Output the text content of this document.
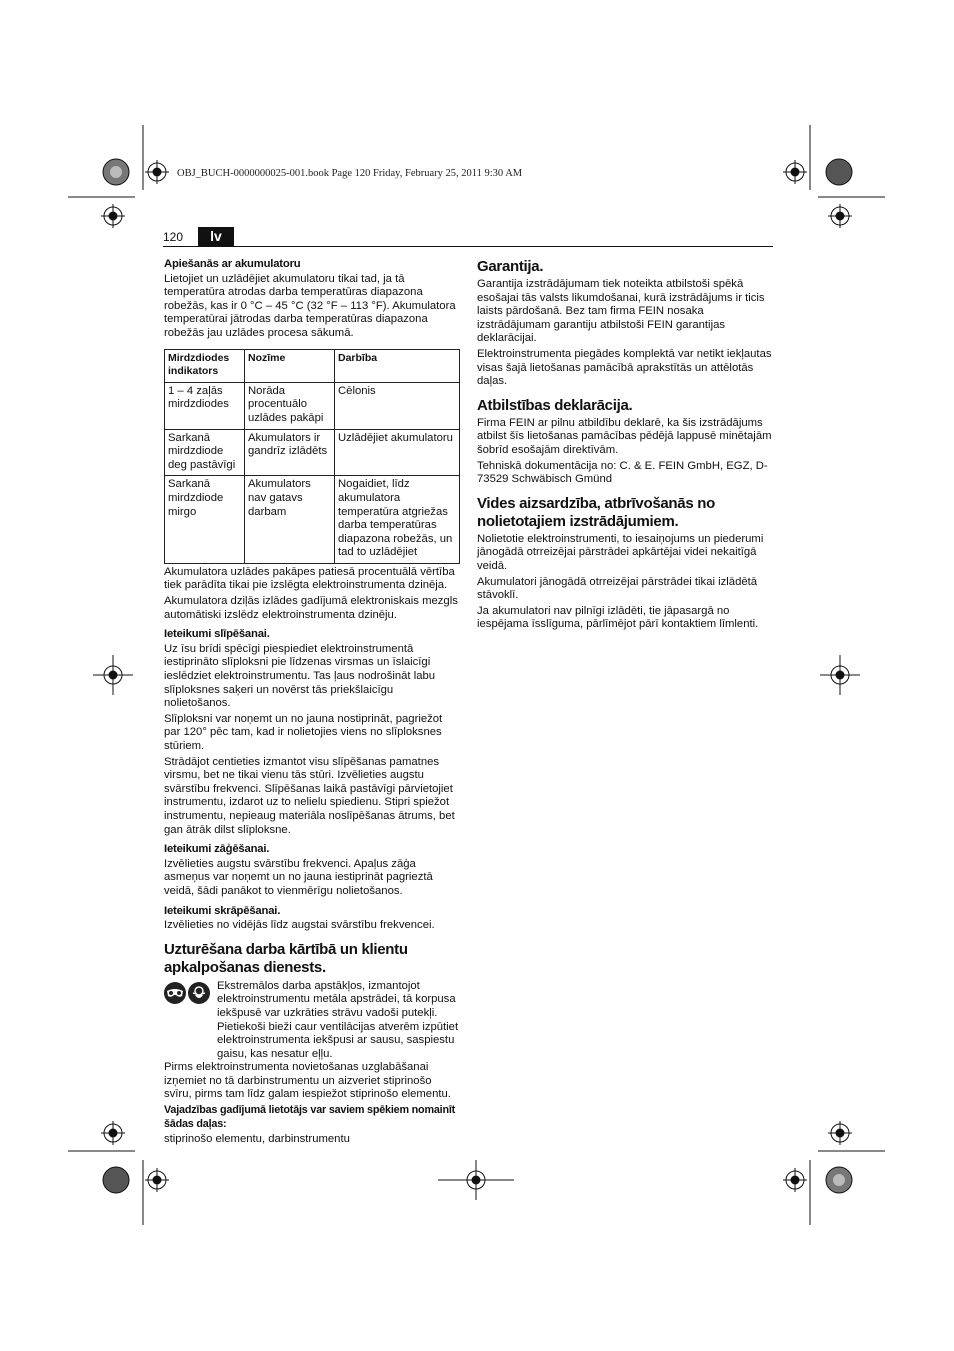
OBJ_BUCH-0000000025-001.book Page 120 Friday, February 25, 2011 9:30 AM
120	lv
Apiešanās ar akumulatoru

Lietojiet un uzlādējiet akumulatoru tikai tad, ja tā temperatūra atrodas darba temperatūras diapazona robežās, kas ir 0 °C – 45 °C (32 °F – 113 °F). Akumulatora temperatūrai jātrodas darba temperatūras diapazona robežās jau uzlādes procesa sākumā.

Mirdzdiodes indikators	Nozīme	Darbība
1 – 4 zaļās mirdzdiodes	Norāda procentuālo uzlādes pakāpi	Cēlonis
Sarkanā mirdzdiode deg pastāvīgi	Akumulators ir gandrīz izlādēts	Uzlādējiet akumulatoru
Sarkanā mirdzdiode mirgo	Akumulators nav gatavs darbam	Nogaidiet, līdz akumulatora temperatūra atgriežas darba temperatūras diapazona robežās, un tad to uzlādējiet

Akumulatora uzlādes pakāpes patiesā procentuālā vērtība tiek parādīta tikai pie izslēgta elektroinstrumenta dzinēja.

Akumulatora dziļās izlādes gadījumā elektroniskais mezgls automātiski izslēdz elektroinstrumenta dzinēju.

Ieteikumi slīpēšanai.

Uz īsu brīdi spēcīgi piespiediet elektroinstrumentā iestiprināto slīploksni pie līdzenas virsmas un īslaicīgi ieslēdziet elektroinstrumentu. Tas ļaus nodrošināt labu slīploksnes saķeri un novērst tās priekšlaicīgu nolietošanos.

Slīploksni var noņemt un no jauna nostiprināt, pagriežot par 120° pēc tam, kad ir nolietojies viens no slīploksnes stūriem.

Strādājot centieties izmantot visu slīpēšanas pamatnes virsmu, bet ne tikai vienu tās stūri. Izvēlieties augstu svārstību frekvenci. Slīpēšanas laikā pastāvīgi pārvietojiet instrumentu, izdarot uz to nelielu spiedienu. Stipri spiežot instrumentu, nepieaug materiāla noslīpēšanas ātrums, bet gan ātrāk dilst slīploksne.

Ieteikumi zāģēšanai.

Izvēlieties augstu svārstību frekvenci. Apaļus zāģa asmeņus var noņemt un no jauna iestiprināt pagrieztā veidā, šādi panākot to vienmērīgu nolietošanos.

Ieteikumi skrāpēšanai.

Izvēlieties no vidējās līdz augstai svārstību frekvencei.

Uzturēšana darba kārtībā un klientu apkalpošanas dienests.
Ekstremālos darba apstākļos, izmantojot elektroinstrumentu metāla apstrādei, tā korpusa iekšpusē var uzkrāties strāvu vadoši putekļi. Pietiekoši bieži caur ventilācijas atverēm izpūtiet elektroinstrumenta iekšpusi ar sausu, saspiestu gaisu, kas nesatur eļļu.

Pirms elektroinstrumenta novietošanas uzglabāšanai izņemiet no tā darbinstrumentu un aizveriet stiprinošo svīru, pirms tam līdz galam iespiežot stiprinošo elementu.

Vajadzības gadījumā lietotājs var saviem spēkiem nomainīt šādas daļas:

stiprinošo elementu, darbinstrumentu

Garantija.

Garantija izstrādājumam tiek noteikta atbilstoši spēkā esošajai tās valsts likumdošanai, kurā izstrādājums ir ticis laists pārdošanā. Bez tam firma FEIN nosaka izstrādājumam garantiju atbilstoši FEIN garantijas deklarācijai.

Elektroinstrumenta piegādes komplektā var netikt iekļautas visas šajā lietošanas pamācībā aprakstītās un attēlotās daļas.

Atbilstības deklarācija.

Firma FEIN ar pilnu atbildību deklarē, ka šis izstrādājums atbilst šīs lietošanas pamācības pēdējā lappusē minētajām šobrīd esošajām direktīvām.

Tehniskā dokumentācija no: C. & E. FEIN GmbH, EGZ, D-73529 Schwäbisch Gmünd

Vides aizsardzība, atbrīvošanās no nolietotajiem izstrādājumiem.

Nolietotie elektroinstrumenti, to iesaiņojums un piederumi jānogādā otrreizējai pārstrādei apkārtējai videi nekaitīgā veidā.

Akumulatori jānogādā otrreizējai pārstrādei tikai izlādētā stāvoklī.

Ja akumulatori nav pilnīgi izlādēti, tie jāpasargā no iespējama īsslīguma, pārlīmējot pārī kontaktiem līmlenti.
